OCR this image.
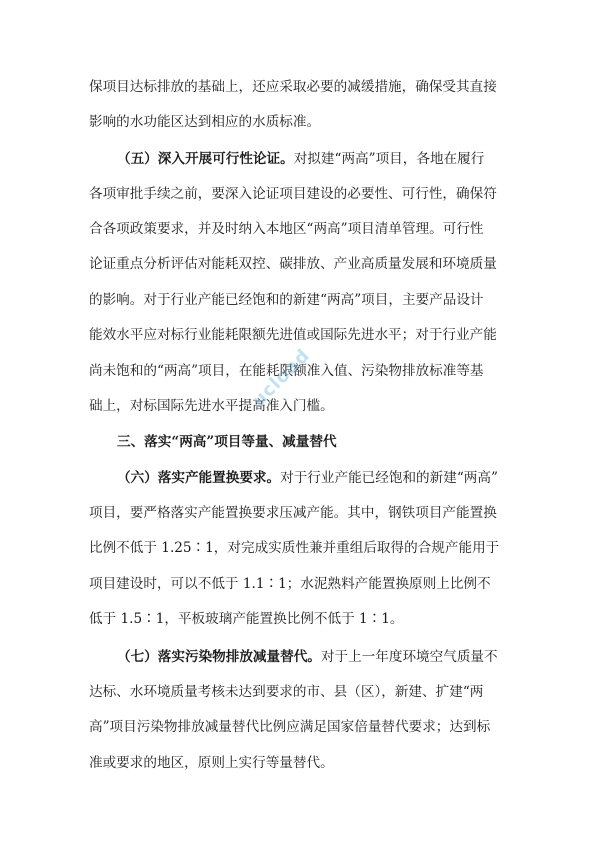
保项目达标排放的基础上，还应采取必要的减缓措施，确保受其直接
影响的水功能区达到相应的水质标准。
（五）深入开展可行性论证。对拟建“两高”项目，各地在履行
各项审批手续之前，要深入论证项目建设的必要性、可行性，确保符
合各项政策要求，并及时纳入本地区“两高”项目清单管理。可行性
论证重点分析评估对能耗双控、碳排放、产业高质量发展和环境质量
的影响。对于行业产能已经饱和的新建“两高”项目，主要产品设计
能效水平应对标行业能耗限额先进值或国际先进水平；对于行业产能
尚未饱和的“两高”项目，在能耗限额准入值、污染物排放标准等基
础上，对标国际先进水平提高准入门槛。
三、落实“两高”项目等量、减量替代
（六）落实产能置换要求。对于行业产能已经饱和的新建“两高”
项目，要严格落实产能置换要求压减产能。其中，钢铁项目产能置换
比例不低于 1.25∶1，对完成实质性兼并重组后取得的合规产能用于
项目建设时，可以不低于 1.1∶1；水泥熟料产能置换原则上比例不
低于 1.5∶1，平板玻璃产能置换比例不低于 1∶1。
（七）落实污染物排放减量替代。对于上一年度环境空气质量不
达标、水环境质量考核未达到要求的市、县（区），新建、扩建“两
高”项目污染物排放减量替代比例应满足国家倍量替代要求；达到标
准或要求的地区，原则上实行等量替代。
ucload
